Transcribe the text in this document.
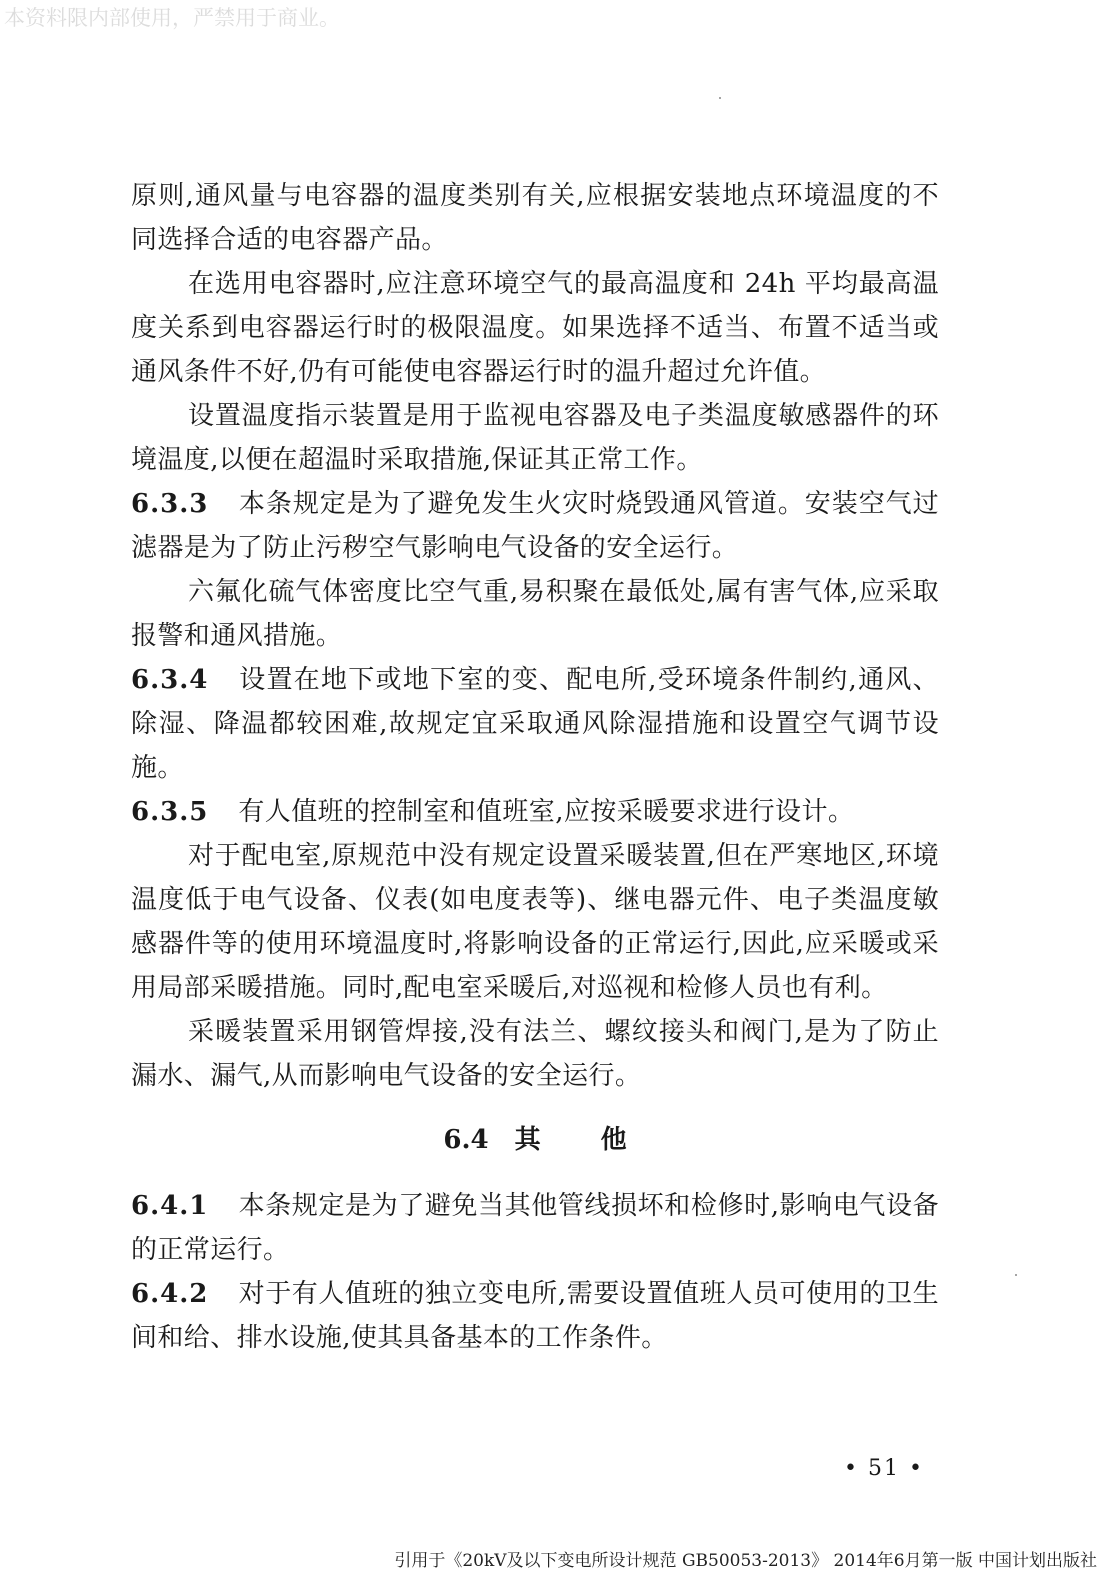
本资料限内部使用，严禁用于商业。

原则,通风量与电容器的温度类别有关,应根据安装地点环境温度的不同选择合适的电容器产品。

在选用电容器时,应注意环境空气的最高温度和 24h 平均最高温度关系到电容器运行时的极限温度。如果选择不适当、布置不适当或通风条件不好,仍有可能使电容器运行时的温升超过允许值。

设置温度指示装置是用于监视电容器及电子类温度敏感器件的环境温度,以便在超温时采取措施,保证其正常工作。

6.3.3 本条规定是为了避免发生火灾时烧毁通风管道。安装空气过滤器是为了防止污秽空气影响电气设备的安全运行。

六氟化硫气体密度比空气重,易积聚在最低处,属有害气体,应采取报警和通风措施。

6.3.4 设置在地下或地下室的变、配电所,受环境条件制约,通风、除湿、降温都较困难,故规定宜采取通风除湿措施和设置空气调节设施。

6.3.5 有人值班的控制室和值班室,应按采暖要求进行设计。

对于配电室,原规范中没有规定设置采暖装置,但在严寒地区,环境温度低于电气设备、仪表(如电度表等)、继电器元件、电子类温度敏感器件等的使用环境温度时,将影响设备的正常运行,因此,应采暖或采用局部采暖措施。同时,配电室采暖后,对巡视和检修人员也有利。

采暖装置采用钢管焊接,没有法兰、螺纹接头和阀门,是为了防止漏水、漏气,从而影响电气设备的安全运行。

6.4 其 他

6.4.1 本条规定是为了避免当其他管线损坏和检修时,影响电气设备的正常运行。

6.4.2 对于有人值班的独立变电所,需要设置值班人员可使用的卫生间和给、排水设施,使其具备基本的工作条件。

• 51 •
引用于《20kV及以下变电所设计规范 GB50053-2013》 2014年6月第一版 中国计划出版社
